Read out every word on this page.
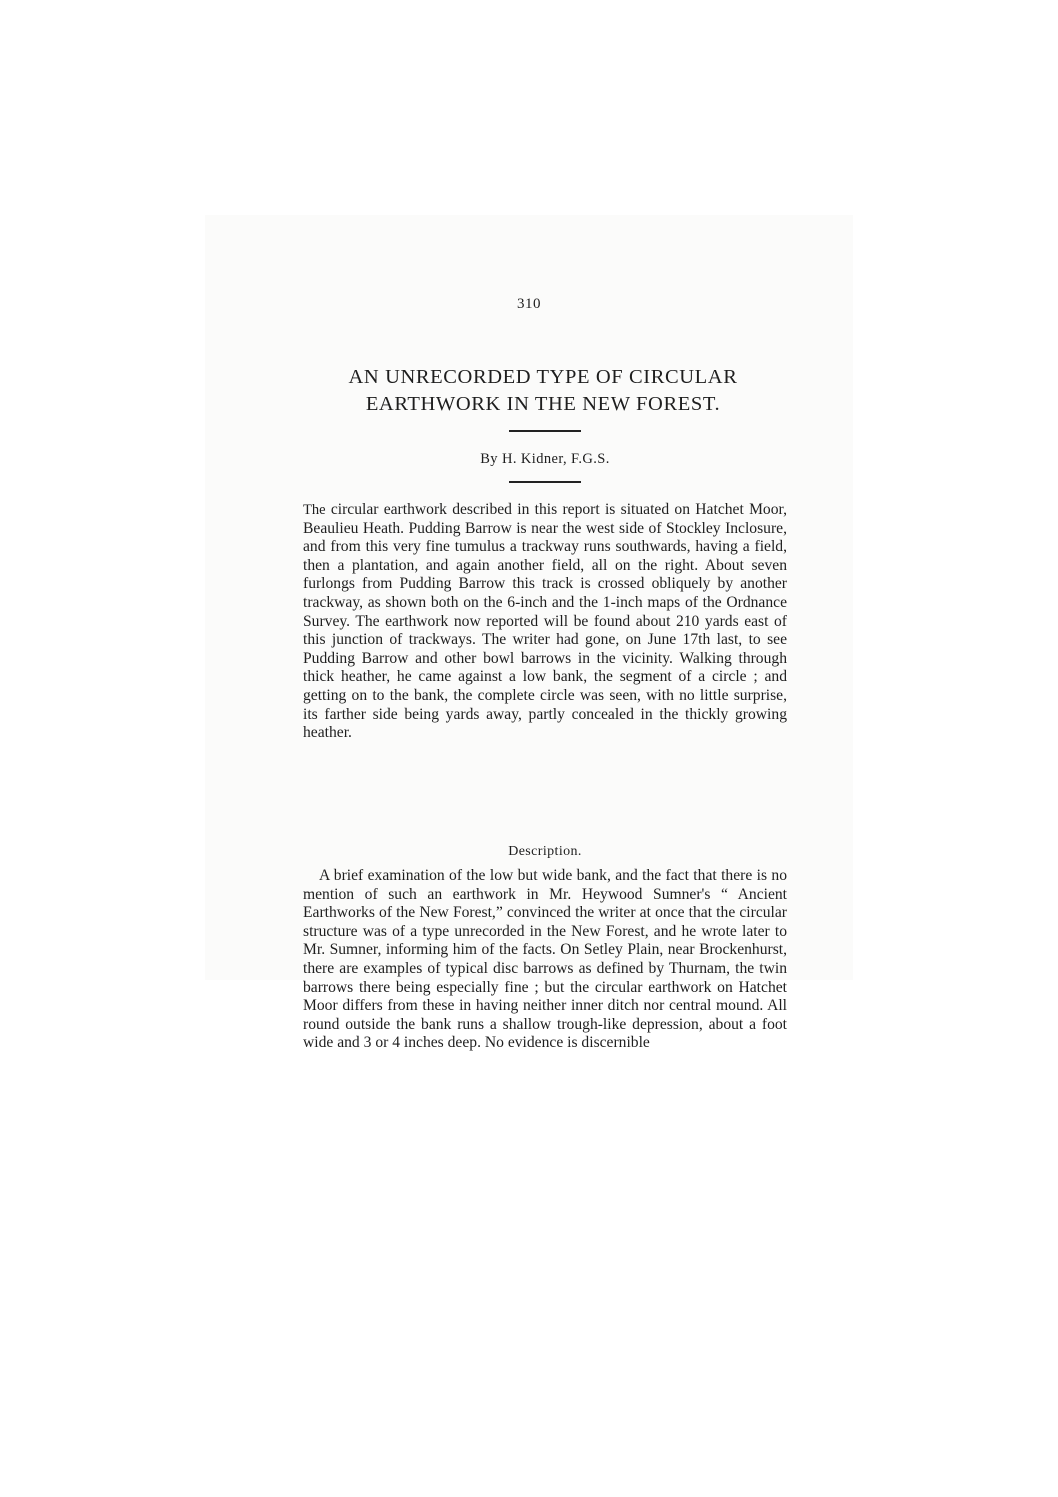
310
AN UNRECORDED TYPE OF CIRCULAR
EARTHWORK IN THE NEW FOREST.
By H. Kidner, F.G.S.

The circular earthwork described in this report is situated on Hatchet Moor, Beaulieu Heath. Pudding Barrow is near the west side of Stockley Inclosure, and from this very fine tumulus a trackway runs southwards, having a field, then a plantation, and again another field, all on the right. About seven furlongs from Pudding Barrow this track is crossed obliquely by another trackway, as shown both on the 6-inch and the 1-inch maps of the Ordnance Survey. The earthwork now reported will be found about 210 yards east of this junction of trackways. The writer had gone, on June 17th last, to see Pudding Barrow and other bowl barrows in the vicinity. Walking through thick heather, he came against a low bank, the segment of a circle ; and getting on to the bank, the complete circle was seen, with no little surprise, its farther side being yards away, partly concealed in the thickly growing heather.

Description.

A brief examination of the low but wide bank, and the fact that there is no mention of such an earthwork in Mr. Heywood Sumner's “ Ancient Earthworks of the New Forest,” convinced the writer at once that the circular structure was of a type unrecorded in the New Forest, and he wrote later to Mr. Sumner, informing him of the facts. On Setley Plain, near Brockenhurst, there are examples of typical disc barrows as defined by Thurnam, the twin barrows there being especially fine ; but the circular earthwork on Hatchet Moor differs from these in having neither inner ditch nor central mound. All round outside the bank runs a shallow trough-like depression, about a foot wide and 3 or 4 inches deep. No evidence is discernible
